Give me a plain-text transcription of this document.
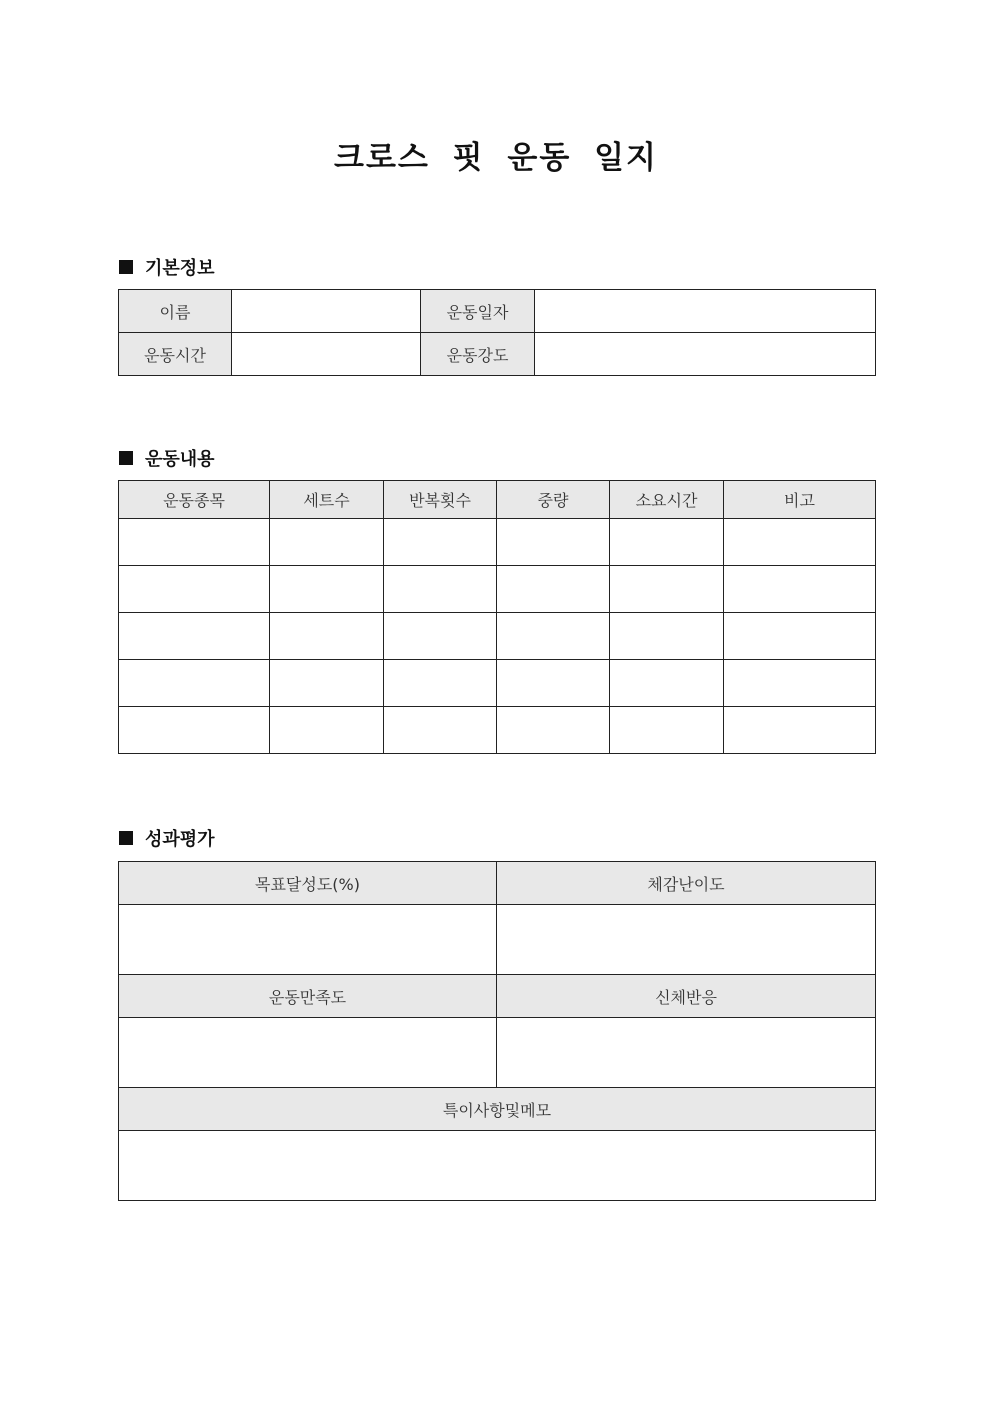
크로스 핏 운동 일지
기본정보
이름		운동일자	
운동시간		운동강도	
운동내용
운동종목	세트수	반복횟수	중량	소요시간	비고

성과평가
목표달성도(%)	체감난이도

운동만족도	신체반응

특이사항및메모	
